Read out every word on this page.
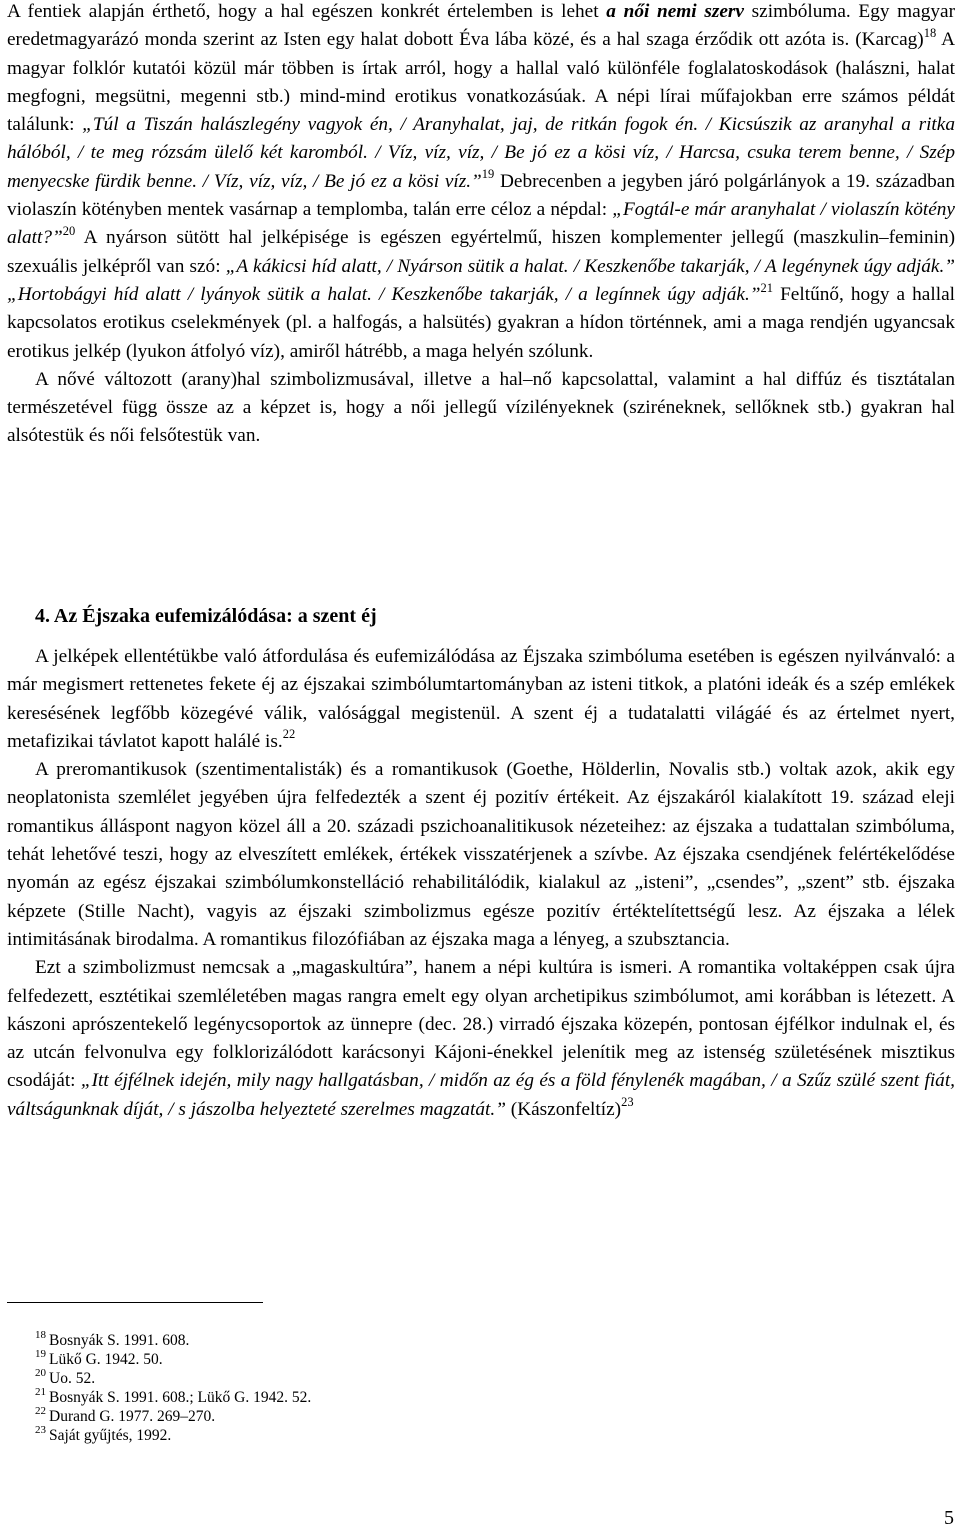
A fentiek alapján érthető, hogy a hal egészen konkrét értelemben is lehet a női nemi szerv szimbóluma. Egy magyar eredetmagyarázó monda szerint az Isten egy halat dobott Éva lába közé, és a hal szaga érződik ott azóta is. (Karcag)$^{18}$ A magyar folklór kutatói közül már többen is írtak arról, hogy a hallal való különféle foglalatoskodások (halászni, halat megfogni, megsütni, megenni stb.) mind-mind erotikus vonatkozásúak. A népi lírai műfajokban erre számos példát találunk: „Túl a Tiszán halászlegény vagyok én, / Aranyhalat, jaj, de ritkán fogok én. / Kicsúszik az aranyhal a ritka hálóból, / te meg rózsám ülelő két karomból. / Víz, víz, víz, / Be jó ez a kösi víz, / Harcsa, csuka terem benne, / Szép menyecske fürdik benne. / Víz, víz, víz, / Be jó ez a kösi víz.”$^{19}$ Debrecenben a jegyben járó polgárlányok a 19. században violaszín kötényben mentek vasárnap a templomba, talán erre céloz a népdal: „Fogtál-e már aranyhalat / violaszín kötény alatt?”$^{20}$ A nyárson sütött hal jelképisége is egészen egyértelmű, hiszen komplementer jellegű (maszkulin–feminin) szexuális jelképről van szó: „A kákicsi híd alatt, / Nyárson sütik a halat. / Keszkenőbe takarják, / A legénynek úgy adják.” „Hortobágyi híd alatt / lyányok sütik a halat. / Keszkenőbe takarják, / a legínnek úgy adják.”$^{21}$ Feltűnő, hogy a hallal kapcsolatos erotikus cselekmények (pl. a halfogás, a halsütés) gyakran a hídon történnek, ami a maga rendjén ugyancsak erotikus jelkép (lyukon átfolyó víz), amiről hátrébb, a maga helyén szólunk.

A nővé változott (arany)hal szimbolizmusával, illetve a hal–nő kapcsolattal, valamint a hal diffúz és tisztátalan természetével függ össze az a képzet is, hogy a női jellegű vízilényeknek (sziréneknek, sellőknek stb.) gyakran hal alsótestük és női felsőtestük van.

4. Az Éjszaka eufemizálódása: a szent éj

A jelképek ellentétükbe való átfordulása és eufemizálódása az Éjszaka szimbóluma esetében is egészen nyilvánvaló: a már megismert rettenetes fekete éj az éjszakai szimbólumtartományban az isteni titkok, a platóni ideák és a szép emlékek keresésének legfőbb közegévé válik, valósággal megistenül. A szent éj a tudatalatti világáé és az értelmet nyert, metafizikai távlatot kapott halálé is.$^{22}$

A preromantikusok (szentimentalisták) és a romantikusok (Goethe, Hölderlin, Novalis stb.) voltak azok, akik egy neoplatonista szemlélet jegyében újra felfedezték a szent éj pozitív értékeit. Az éjszakáról kialakított 19. század eleji romantikus álláspont nagyon közel áll a 20. századi pszichoanalitikusok nézeteihez: az éjszaka a tudattalan szimbóluma, tehát lehetővé teszi, hogy az elveszített emlékek, értékek visszatérjenek a szívbe. Az éjszaka csendjének felértékelődése nyomán az egész éjszakai szimbólumkonstelláció rehabilitálódik, kialakul az „isteni”, „csendes”, „szent” stb. éjszaka képzete (Stille Nacht), vagyis az éjszaki szimbolizmus egésze pozitív értéktelítettségű lesz. Az éjszaka a lélek intimitásának birodalma. A romantikus filozófiában az éjszaka maga a lényeg, a szubsztancia.

Ezt a szimbolizmust nemcsak a „magaskultúra”, hanem a népi kultúra is ismeri. A romantika voltaképpen csak újra felfedezett, esztétikai szemléletében magas rangra emelt egy olyan archetipikus szimbólumot, ami korábban is létezett. A kászoni aprószentekelő legénycsoportok az ünnepre (dec. 28.) virradó éjszaka közepén, pontosan éjfélkor indulnak el, és az utcán felvonulva egy folklorizálódott karácsonyi Kájoni-énekkel jelenítik meg az istenség születésének misztikus csodáját: „Itt éjfélnek idején, mily nagy hallgatásban, / midőn az ég és a föld fénylenék magában, / a Szűz szülé szent fiát, váltságunknak díját, / s jászolba helyezteté szerelmes magzatát.” (Kászonfeltíz)$^{23}$

$^{18}$ Bosnyák S. 1991. 608.
$^{19}$ Lükő G. 1942. 50.
$^{20}$ Uo. 52.
$^{21}$ Bosnyák S. 1991. 608.; Lükő G. 1942. 52.
$^{22}$ Durand G. 1977. 269–270.
$^{23}$ Saját gyűjtés, 1992.
5
